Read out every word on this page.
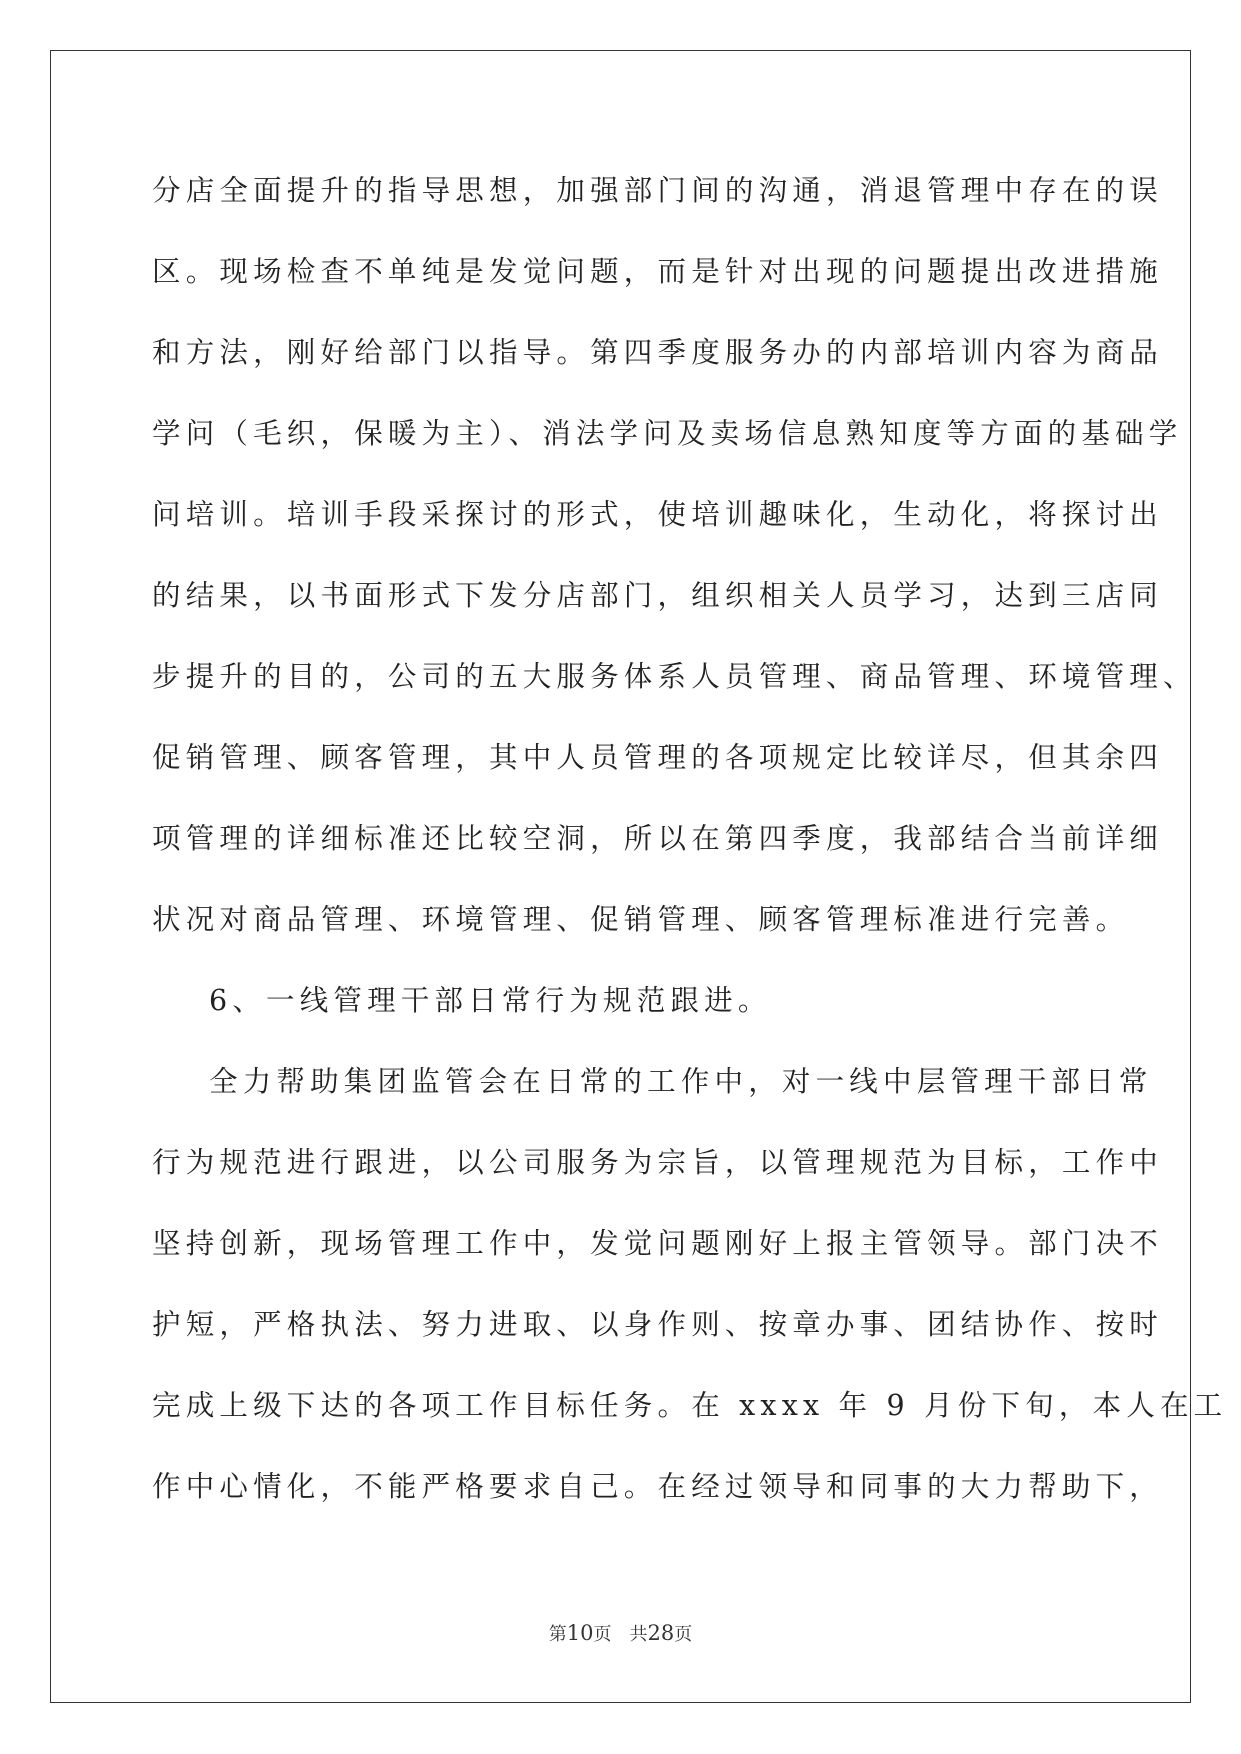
分店全面提升的指导思想，加强部门间的沟通，消退管理中存在的误
区。现场检查不单纯是发觉问题，而是针对出现的问题提出改进措施
和方法，刚好给部门以指导。第四季度服务办的内部培训内容为商品
学问（毛织，保暖为主）、消法学问及卖场信息熟知度等方面的基础学
问培训。培训手段采探讨的形式，使培训趣味化，生动化，将探讨出
的结果，以书面形式下发分店部门，组织相关人员学习，达到三店同
步提升的目的，公司的五大服务体系人员管理、商品管理、环境管理、
促销管理、顾客管理，其中人员管理的各项规定比较详尽，但其余四
项管理的详细标准还比较空洞，所以在第四季度，我部结合当前详细
状况对商品管理、环境管理、促销管理、顾客管理标准进行完善。
6、一线管理干部日常行为规范跟进。
全力帮助集团监管会在日常的工作中，对一线中层管理干部日常
行为规范进行跟进，以公司服务为宗旨，以管理规范为目标，工作中
坚持创新，现场管理工作中，发觉问题刚好上报主管领导。部门决不
护短，严格执法、努力进取、以身作则、按章办事、团结协作、按时
完成上级下达的各项工作目标任务。在 xxxx 年 9 月份下旬，本人在工
作中心情化，不能严格要求自己。在经过领导和同事的大力帮助下，
第10页 共28页
